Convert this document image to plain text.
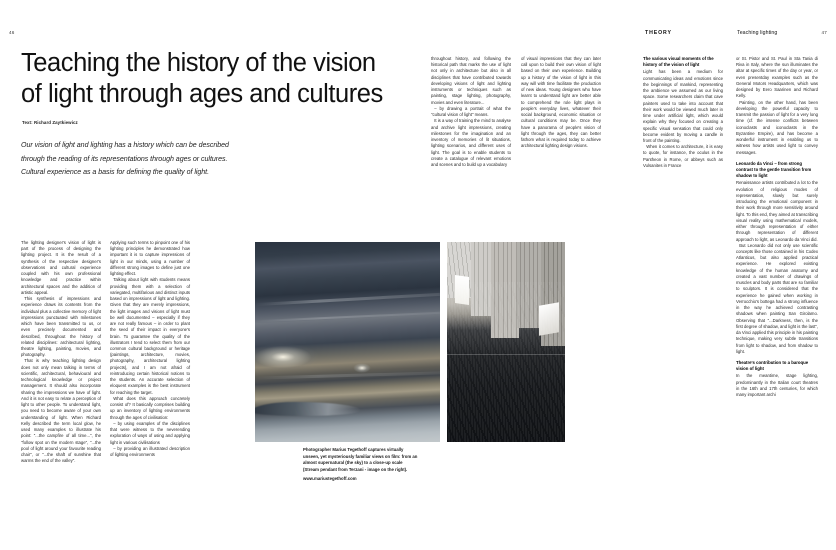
46	47
THEORY	Teaching lighting
Teaching the history of the vision of light through ages and cultures
Text: Richard Zaytkiewicz
Our vision of light and lighting has a history which can be described through the reading of its representations through ages or cultures. Cultural experience as a basis for defining the quality of light.

The lighting designer's vision of light is part of the process of designing the lighting project. It is the result of a synthesis of the respective designer's observations and cultural experience coupled with his own professional knowledge and practice within architectural spaces and the addition of artistic appeal.

This synthesis of impressions and experience draws its contents from the individual plus a collective memory of light impressions punctuated with milestones which have been transmitted to us, or even precisely documented and described, throughout the history of related disciplines: architectural lighting, theatre lighting, painting, movies, and photography.

That is why teaching lighting design does not only mean talking in terms of scientific, architectural, behavioural and technological knowledge or project management. It should also incorporate sharing the impressions we have of light. And it is not easy to relate a perception of light to other people. To understand light, you need to become aware of your own understanding of light. When Richard Kelly described the term local glow, he used many examples to illustrate his point: "...the campfire of all time...", the "follow spot on the modern stage", "...the pool of light around your favourite reading chair", or "...the shaft of sunshine that warms the end of the valley".

Applying such terms to pinpoint one of his lighting principles he demonstrated how important it is to capture impressions of light in our minds, using a number of different strong images to define just one lighting effect.

Talking about light with students means providing them with a selection of variegated, multifarious and distinct inputs based on impressions of light and lighting. Given that they are merely impressions, the light images and visions of light must be well documented – especially if they are not really famous – in order to plant the seed of their impact in everyone's brain. To guarantee the quality of the illustrators I tend to select them from our common cultural background or heritage (paintings, architecture, movies, photography, architectural lighting projects), and I am not afraid of reintroducing certain historical notions to the students. An accurate selection of eloquent examples is the best instrument for reaching the target.

What does this approach concretely consist of? It basically comprises building up an inventory of lighting environments through the ages of civilisation:

– by using examples of the disciplines that were witness to the neverending exploration of ways of using and applying light in various civilisations

– by providing an illustrated description of lighting environments

throughout history, and following the historical path that marks the use of light not only in architecture but also in all disciplines that have contributed towards developing visions of light and lighting instruments or techniques such as painting, stage lighting, photography, movies and even literature...

– by drawing a portrait of what the "cultural vision of light" means.

It is a way of training the mind to analyse and archive light impressions, creating milestones for the imagination and an inventory of memories of lit situations, lighting scenarios, and different uses of light. The goal is to enable students to create a catalogue of relevant emotions and scenes and to build up a vocabulary

of visual impressions that they can later call upon to build their own vision of light based on their own experience. Building up a history of the vision of light in this way will with time facilitate the production of new ideas. Young designers who have learnt to understand light are better able to comprehend the role light plays in people's everyday lives, whatever their social background, economic situation or cultural conditions may be. Once they have a panorama of people's vision of light through the ages, they can better fathom what is required today to achieve architectural lighting design visions.

The various visual moments of the history of the vision of light

Light has been a medium for communicating ideas and emotions since the beginnings of mankind, representing the ambience we assumed as our living space. Some researchers claim that cave painters used to take into account that their work would be viewed much later in time under artificial light, which would explain why they focused on creating a specific visual sensation that could only become evident by moving a candle in front of the painting.

When it comes to architecture, it is easy to quote, for instance, the oculus in the Pantheon in Rome, or abbeys such as Vulsanites in France

or St. Pistor and St. Paul in Sta Tania di Riva in Italy, where the sun illuminates the altar at specific times of the day or year, or even presentday examples such as the General Motors Headquarters, which was designed by Eero Saarinen and Richard Kelly.

Painting, on the other hand, has been developing the powerful capacity to transmit the passion of light for a very long time (cf. the intense conflicts between iconoclasts and iconoclasts in the Byzantine Empire), and has become a wonderful instrument in enabling us to witness how artists used light to convey messages.

Leonardo da Vinci – from strong contrast to the gentle transition from shadow to light

Renaissance artists contributed a lot to the evolution of religious modes of representation, slowly but surely introducing the emotional component in their work through more sensitivity around light. To this end, they aimed at transcribing visual reality using mathematical models, either through representation of either through representation of different approach to light, as Leonardo da Vinci did.

But Leonardo did not only use scientific concepts like those contained in his Codex Atlanticus, but also applied practical experience. He explored existing knowledge of the human anatomy and created a vast number of drawings of muscles and body parts that are so familiar to sculptors. It is considered that the experience he gained when working in Verrocchio's bottega had a strong influence in the way he achieved contrasting shadows when painting San Girolamo. Observing that "...Darkness, then, is the first degree of shadow, and light is the last", da Vinci applied this principle in his painting technique, making very subtle transitions from light to shadow, and from shadow to light.

Theatre's contribution to a baroque vision of light

In the meantime, stage lighting, predominantly in the Italian court theatres in the 16th and 17th centuries, for which many important archi

Photographer Marius Tegethoff captures virtually unseen, yet mysteriously familiar views on film: from an almost supernatural (the sky) to a close-up scale (Stream pendant from Terzani - image on the right).
www.mariustegethoff.com
